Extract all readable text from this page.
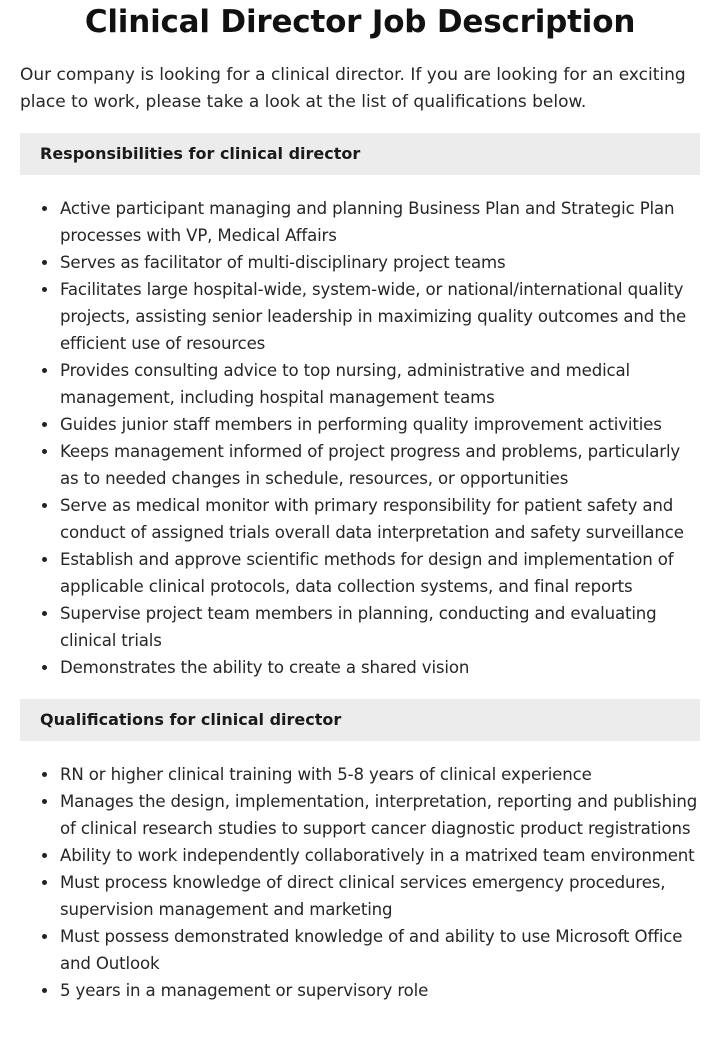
Clinical Director Job Description

Our company is looking for a clinical director. If you are looking for an exciting place to work, please take a look at the list of qualifications below.

Responsibilities for clinical director
Active participant managing and planning Business Plan and Strategic Plan processes with VP, Medical Affairs
Serves as facilitator of multi-disciplinary project teams
Facilitates large hospital-wide, system-wide, or national/international quality projects, assisting senior leadership in maximizing quality outcomes and the efficient use of resources
Provides consulting advice to top nursing, administrative and medical management, including hospital management teams
Guides junior staff members in performing quality improvement activities
Keeps management informed of project progress and problems, particularly as to needed changes in schedule, resources, or opportunities
Serve as medical monitor with primary responsibility for patient safety and conduct of assigned trials overall data interpretation and safety surveillance
Establish and approve scientific methods for design and implementation of applicable clinical protocols, data collection systems, and final reports
Supervise project team members in planning, conducting and evaluating clinical trials
Demonstrates the ability to create a shared vision
Qualifications for clinical director
RN or higher clinical training with 5-8 years of clinical experience
Manages the design, implementation, interpretation, reporting and publishing of clinical research studies to support cancer diagnostic product registrations
Ability to work independently collaboratively in a matrixed team environment
Must process knowledge of direct clinical services emergency procedures, supervision management and marketing
Must possess demonstrated knowledge of and ability to use Microsoft Office and Outlook
5 years in a management or supervisory role
